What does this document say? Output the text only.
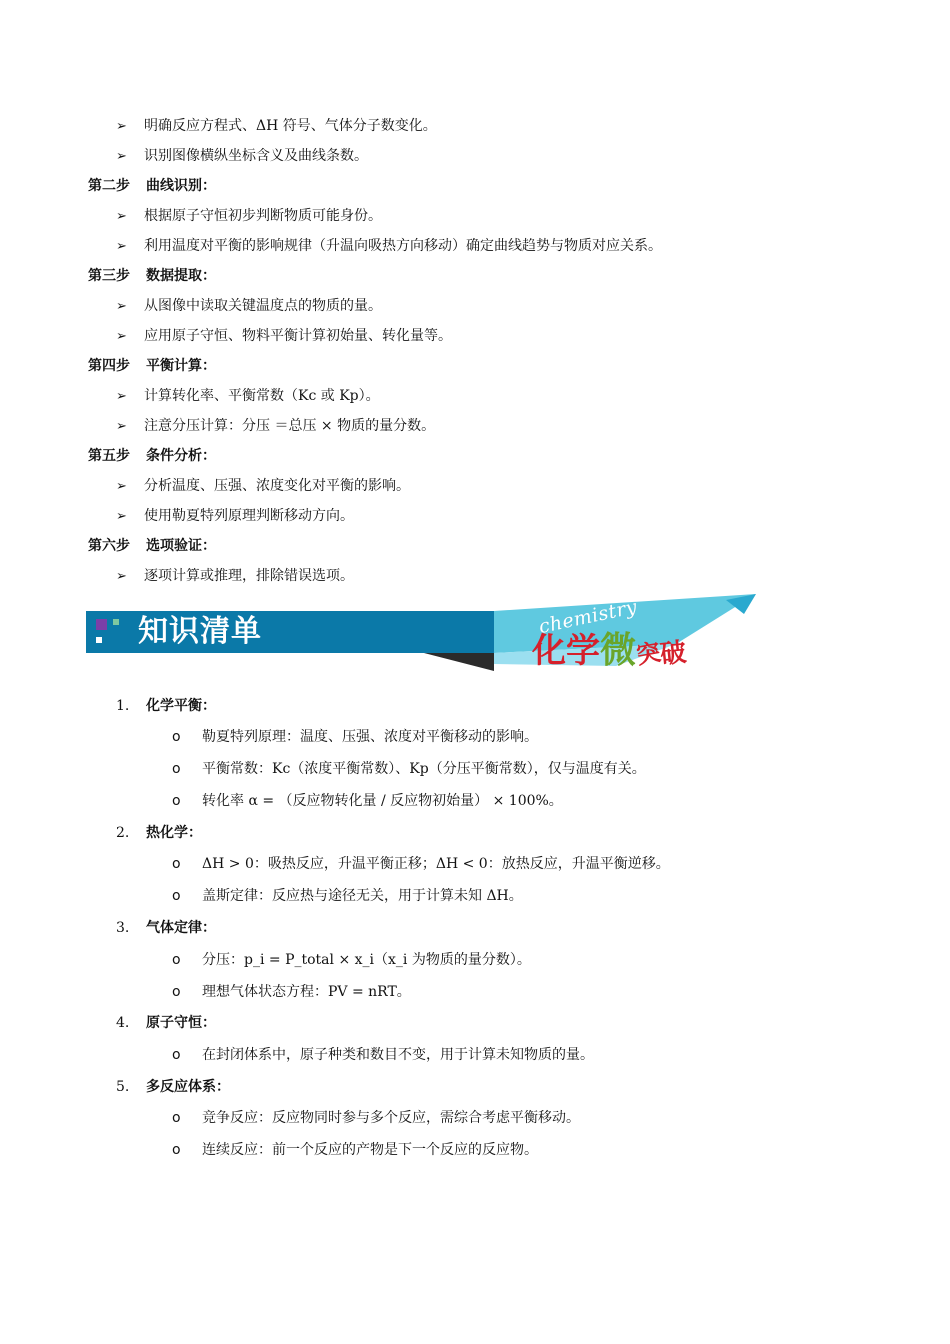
➢ 明确反应方程式、ΔH 符号、气体分子数变化。
➢ 识别图像横纵坐标含义及曲线条数。
第二步 曲线识别：
➢ 根据原子守恒初步判断物质可能身份。
➢ 利用温度对平衡的影响规律（升温向吸热方向移动）确定曲线趋势与物质对应关系。
第三步 数据提取：
➢ 从图像中读取关键温度点的物质的量。
➢ 应用原子守恒、物料平衡计算初始量、转化量等。
第四步 平衡计算：
➢ 计算转化率、平衡常数（Kc 或 Kp）。
➢ 注意分压计算：分压 ＝总压 × 物质的量分数。
第五步 条件分析：
➢ 分析温度、压强、浓度变化对平衡的影响。
➢ 使用勒夏特列原理判断移动方向。
第六步 选项验证：
➢ 逐项计算或推理，排除错误选项。
知识清单	chemistry
化学微突破
1. 化学平衡：
o 勒夏特列原理：温度、压强、浓度对平衡移动的影响。
o 平衡常数：Kc（浓度平衡常数）、Kp（分压平衡常数），仅与温度有关。
o 转化率 α = （反应物转化量 / 反应物初始量） × 100%。
2. 热化学：
o ΔH > 0：吸热反应，升温平衡正移；ΔH < 0：放热反应，升温平衡逆移。
o 盖斯定律：反应热与途径无关，用于计算未知 ΔH。
3. 气体定律：
o 分压：p_i = P_total × x_i（x_i 为物质的量分数）。
o 理想气体状态方程：PV = nRT。
4. 原子守恒：
o 在封闭体系中，原子种类和数目不变，用于计算未知物质的量。
5. 多反应体系：
o 竞争反应：反应物同时参与多个反应，需综合考虑平衡移动。
o 连续反应：前一个反应的产物是下一个反应的反应物。
